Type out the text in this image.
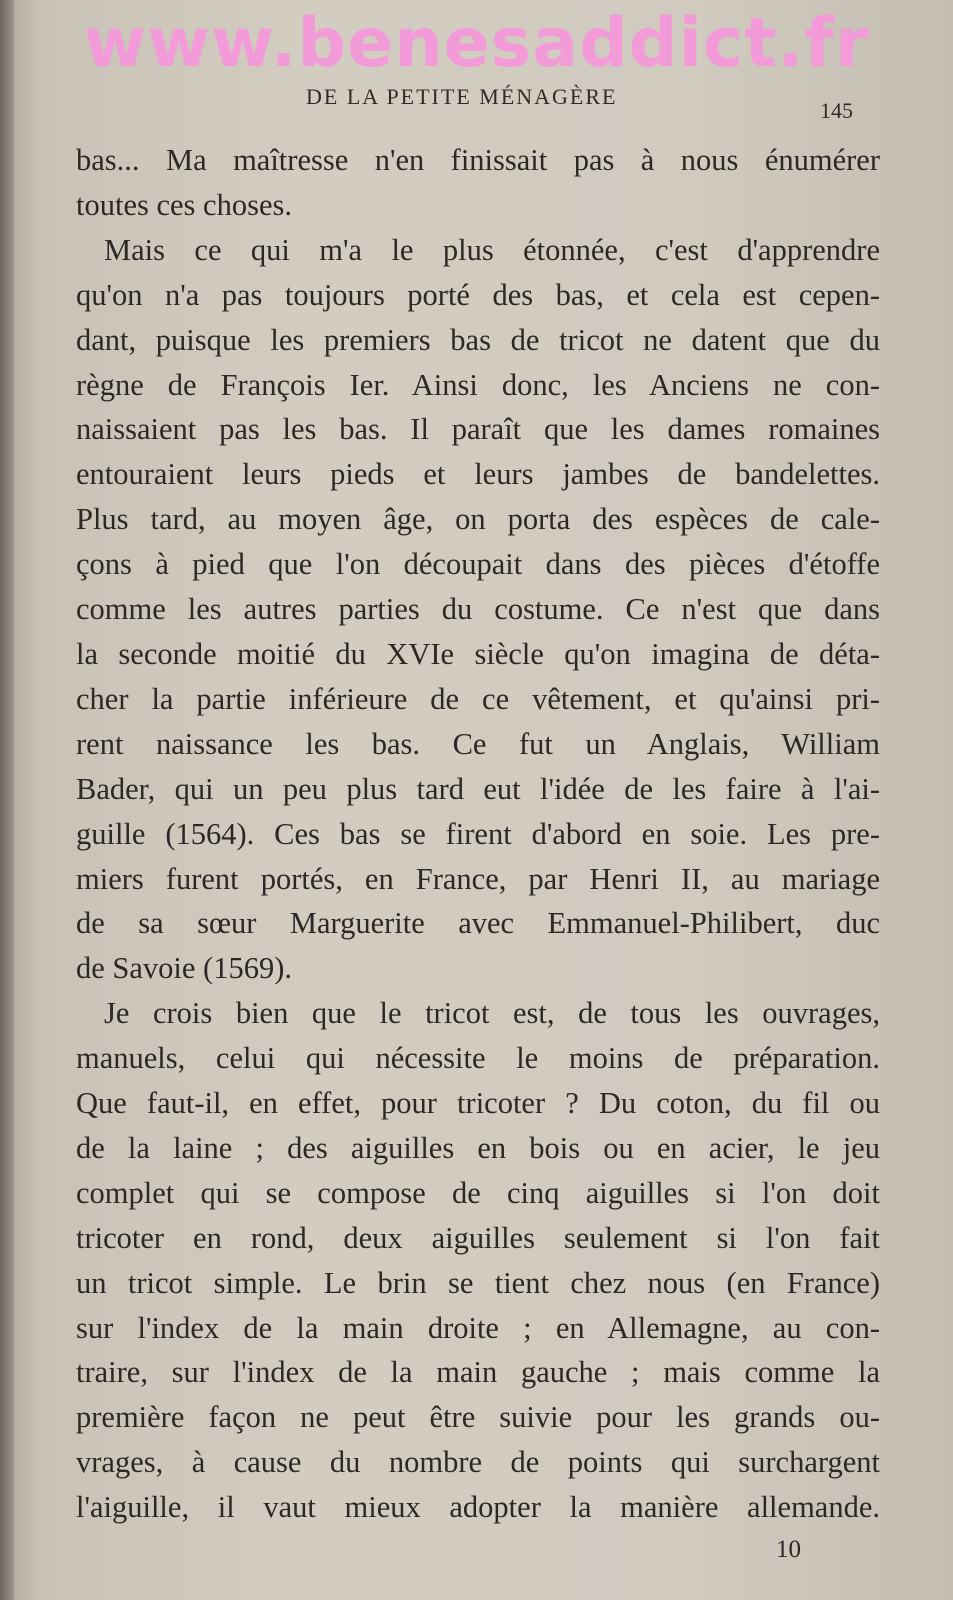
www.benesaddict.fr
DE LA PETITE MÉNAGÈRE
145

bas... Ma maîtresse n'en finissait pas à nous énumérer
toutes ces choses.

Mais ce qui m'a le plus étonnée, c'est d'apprendre
qu'on n'a pas toujours porté des bas, et cela est cepen-
dant, puisque les premiers bas de tricot ne datent que du
règne de François Ier. Ainsi donc, les Anciens ne con-
naissaient pas les bas. Il paraît que les dames romaines
entouraient leurs pieds et leurs jambes de bandelettes.
Plus tard, au moyen âge, on porta des espèces de cale-
çons à pied que l'on découpait dans des pièces d'étoffe
comme les autres parties du costume. Ce n'est que dans
la seconde moitié du XVIe siècle qu'on imagina de déta-
cher la partie inférieure de ce vêtement, et qu'ainsi pri-
rent naissance les bas. Ce fut un Anglais, William
Bader, qui un peu plus tard eut l'idée de les faire à l'ai-
guille (1564). Ces bas se firent d'abord en soie. Les pre-
miers furent portés, en France, par Henri II, au mariage
de sa sœur Marguerite avec Emmanuel-Philibert, duc
de Savoie (1569).

Je crois bien que le tricot est, de tous les ouvrages,
manuels, celui qui nécessite le moins de préparation.
Que faut-il, en effet, pour tricoter ? Du coton, du fil ou
de la laine ; des aiguilles en bois ou en acier, le jeu
complet qui se compose de cinq aiguilles si l'on doit
tricoter en rond, deux aiguilles seulement si l'on fait
un tricot simple. Le brin se tient chez nous (en France)
sur l'index de la main droite ; en Allemagne, au con-
traire, sur l'index de la main gauche ; mais comme la
première façon ne peut être suivie pour les grands ou-
vrages, à cause du nombre de points qui surchargent
l'aiguille, il vaut mieux adopter la manière allemande.

10
